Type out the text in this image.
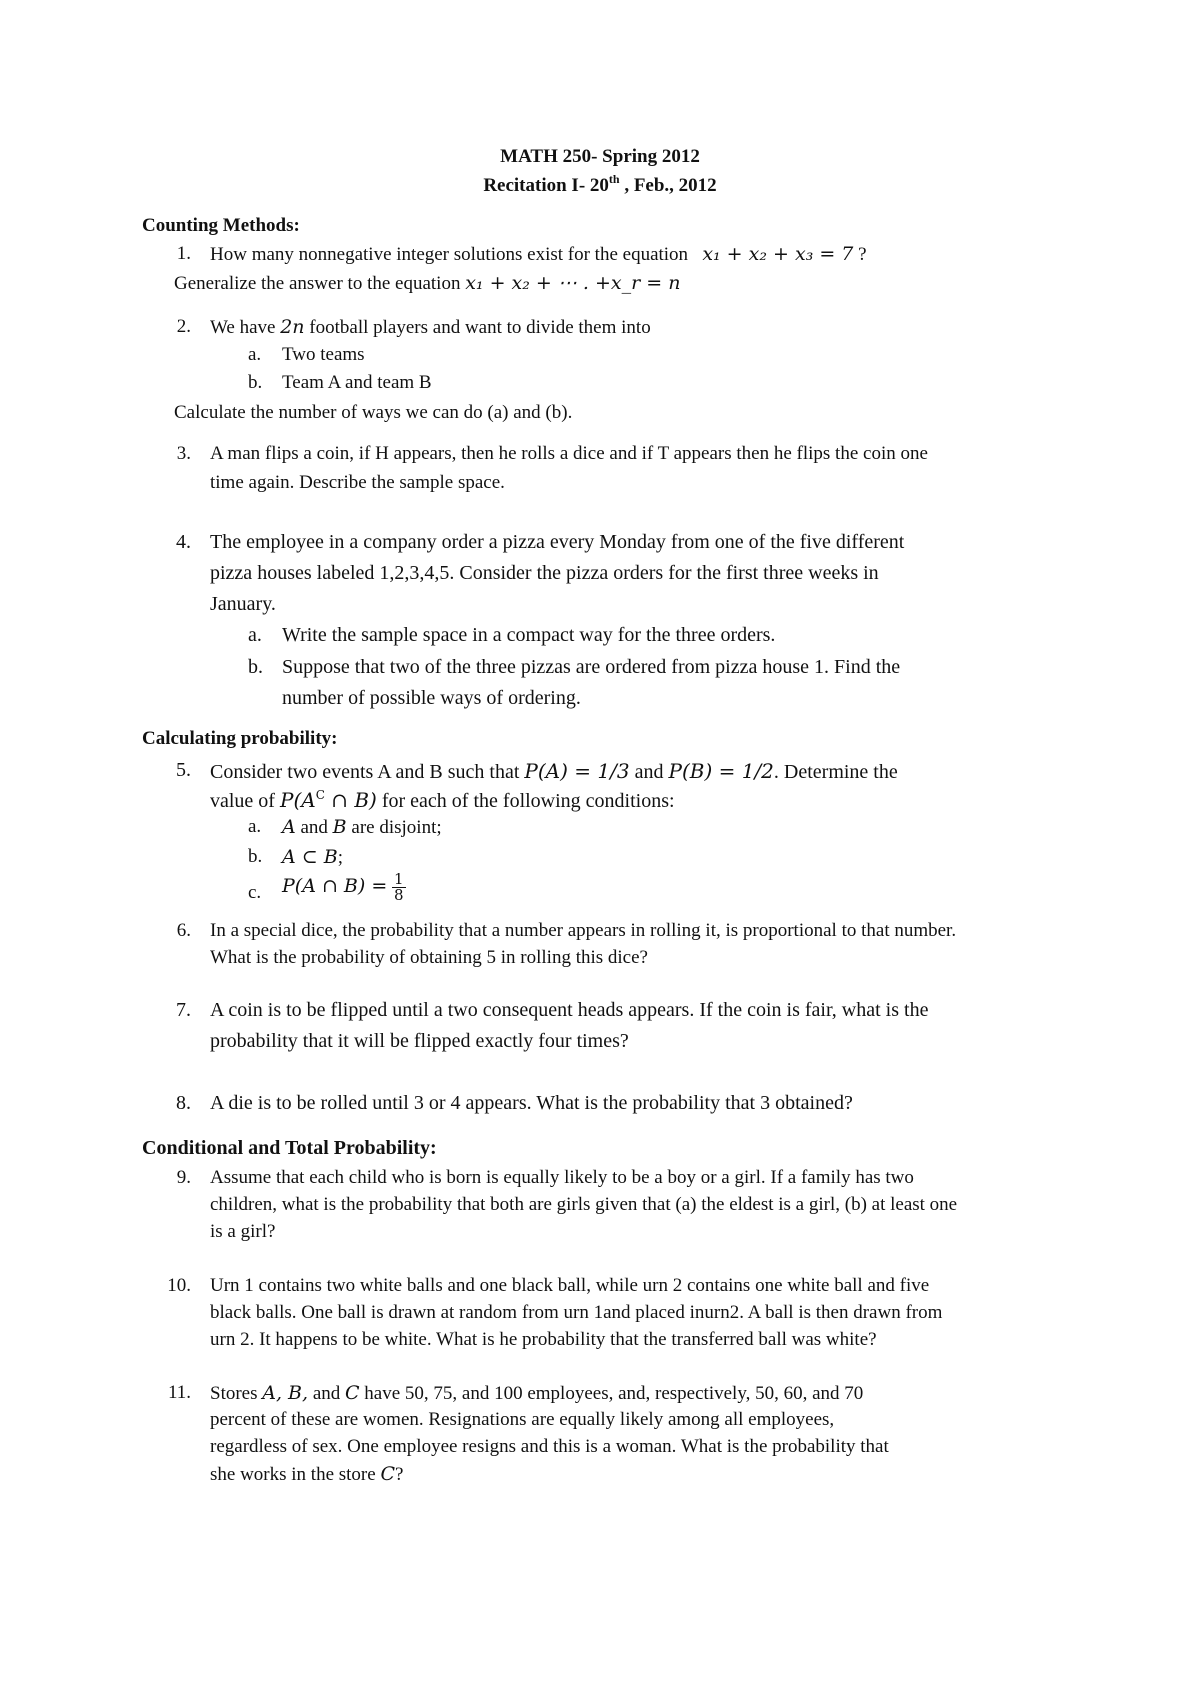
MATH 250- Spring 2012
Recitation I- 20th , Feb., 2012
Counting Methods:
1. How many nonnegative integer solutions exist for the equation x₁ + x₂ + x₃ = 7 ?
Generalize the answer to the equation x₁ + x₂ + ⋯ . +x_r = n
2. We have 2n football players and want to divide them into
a. Two teams
b. Team A and team B
Calculate the number of ways we can do (a) and (b).
3. A man flips a coin, if H appears, then he rolls a dice and if T appears then he flips the coin one
time again. Describe the sample space.
4. The employee in a company order a pizza every Monday from one of the five different
pizza houses labeled 1,2,3,4,5. Consider the pizza orders for the first three weeks in
January.
a. Write the sample space in a compact way for the three orders.
b. Suppose that two of the three pizzas are ordered from pizza house 1. Find the
number of possible ways of ordering.
Calculating probability:
5. Consider two events A and B such that P(A) = 1/3 and P(B) = 1/2. Determine the
value of $P(A^C$ ∩ B) for each of the following conditions:
a. A and B are disjoint;
b. A ⊂ B;
c. P(A ∩ $B) = \frac{1}{8}$
6. In a special dice, the probability that a number appears in rolling it, is proportional to that number.
What is the probability of obtaining 5 in rolling this dice?
7. A coin is to be flipped until a two consequent heads appears. If the coin is fair, what is the
probability that it will be flipped exactly four times?
8. A die is to be rolled until 3 or 4 appears. What is the probability that 3 obtained?
Conditional and Total Probability:
9. Assume that each child who is born is equally likely to be a boy or a girl. If a family has two
children, what is the probability that both are girls given that (a) the eldest is a girl, (b) at least one
is a girl?
10. Urn 1 contains two white balls and one black ball, while urn 2 contains one white ball and five
black balls. One ball is drawn at random from urn 1and placed inurn2. A ball is then drawn from
urn 2. It happens to be white. What is he probability that the transferred ball was white?
11. Stores A, B, and C have 50, 75, and 100 employees, and, respectively, 50, 60, and 70
percent of these are women. Resignations are equally likely among all employees,
regardless of sex. One employee resigns and this is a woman. What is the probability that
she works in the store C?
